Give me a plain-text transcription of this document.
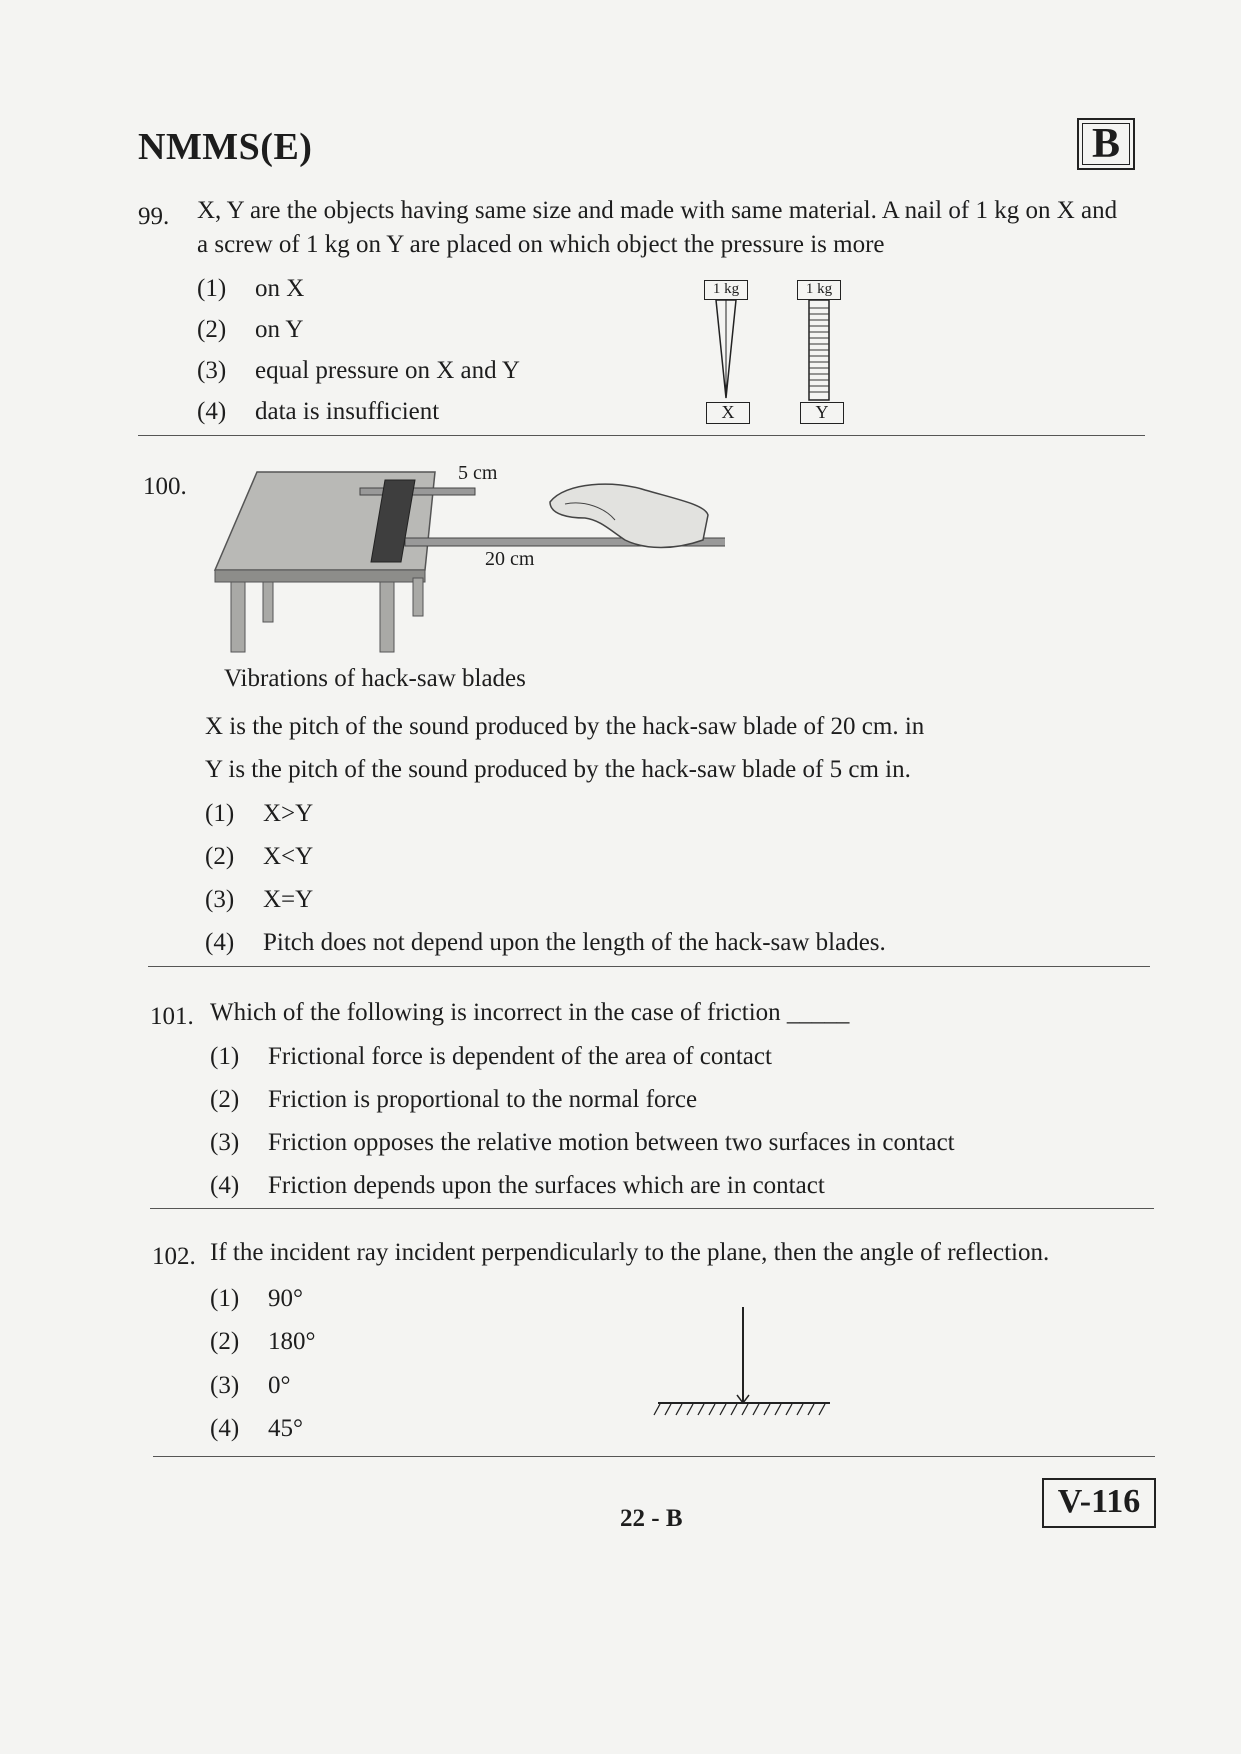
NMMS(E)	B
99. X, Y are the objects having same size and made with same material. A nail of 1 kg on X and
a screw of 1 kg on Y are placed on which object the pressure is more
(1) on X
(2) on Y
(3) equal pressure on X and Y
(4) data is insufficient
1 kg	1 kg
X	Y
100.	5 cm
20 cm
Vibrations of hack-saw blades
X is the pitch of the sound produced by the hack-saw blade of 20 cm. in
Y is the pitch of the sound produced by the hack-saw blade of 5 cm in.
(1) X>Y
(2) X<Y
(3) X=Y
(4) Pitch does not depend upon the length of the hack-saw blades.
101. Which of the following is incorrect in the case of friction _____
(1) Frictional force is dependent of the area of contact
(2) Friction is proportional to the normal force
(3) Friction opposes the relative motion between two surfaces in contact
(4) Friction depends upon the surfaces which are in contact
102. If the incident ray incident perpendicularly to the plane, then the angle of reflection.
(1) 90°
(2) 180°
(3) 0°
(4) 45°
22 - B	V-116
